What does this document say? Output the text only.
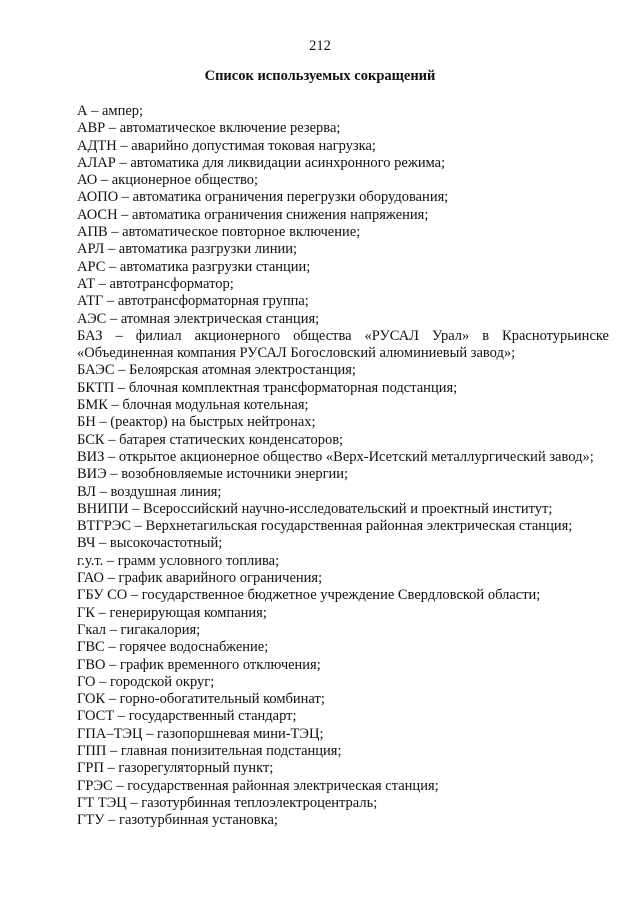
212
Список используемых сокращений
А – ампер;
АВР – автоматическое включение резерва;
АДТН – аварийно допустимая токовая нагрузка;
АЛАР – автоматика для ликвидации асинхронного режима;
АО – акционерное общество;
АОПО – автоматика ограничения перегрузки оборудования;
АОСН – автоматика ограничения снижения напряжения;
АПВ – автоматическое повторное включение;
АРЛ – автоматика разгрузки линии;
АРС – автоматика разгрузки станции;
АТ – автотрансформатор;
АТГ – автотрансформаторная группа;
АЭС – атомная электрическая станция;
БАЗ – филиал акционерного общества «РУСАЛ Урал» в Краснотурьинске «Объединенная компания РУСАЛ Богословский алюминиевый завод»;
БАЭС – Белоярская атомная электростанция;
БКТП – блочная комплектная трансформаторная подстанция;
БМК – блочная модульная котельная;
БН – (реактор) на быстрых нейтронах;
БСК – батарея статических конденсаторов;
ВИЗ – открытое акционерное общество «Верх-Исетский металлургический завод»;
ВИЭ – возобновляемые источники энергии;
ВЛ – воздушная линия;
ВНИПИ – Всероссийский научно-исследовательский и проектный институт;
ВТГРЭС – Верхнетагильская государственная районная электрическая станция;
ВЧ – высокочастотный;
г.у.т. – грамм условного топлива;
ГАО – график аварийного ограничения;
ГБУ СО – государственное бюджетное учреждение Свердловской области;
ГК – генерирующая компания;
Гкал – гигакалория;
ГВС – горячее водоснабжение;
ГВО – график временного отключения;
ГО – городской округ;
ГОК – горно-обогатительный комбинат;
ГОСТ – государственный стандарт;
ГПА–ТЭЦ – газопоршневая мини-ТЭЦ;
ГПП – главная понизительная подстанция;
ГРП – газорегуляторный пункт;
ГРЭС – государственная районная электрическая станция;
ГТ ТЭЦ – газотурбинная теплоэлектроцентраль;
ГТУ – газотурбинная установка;
